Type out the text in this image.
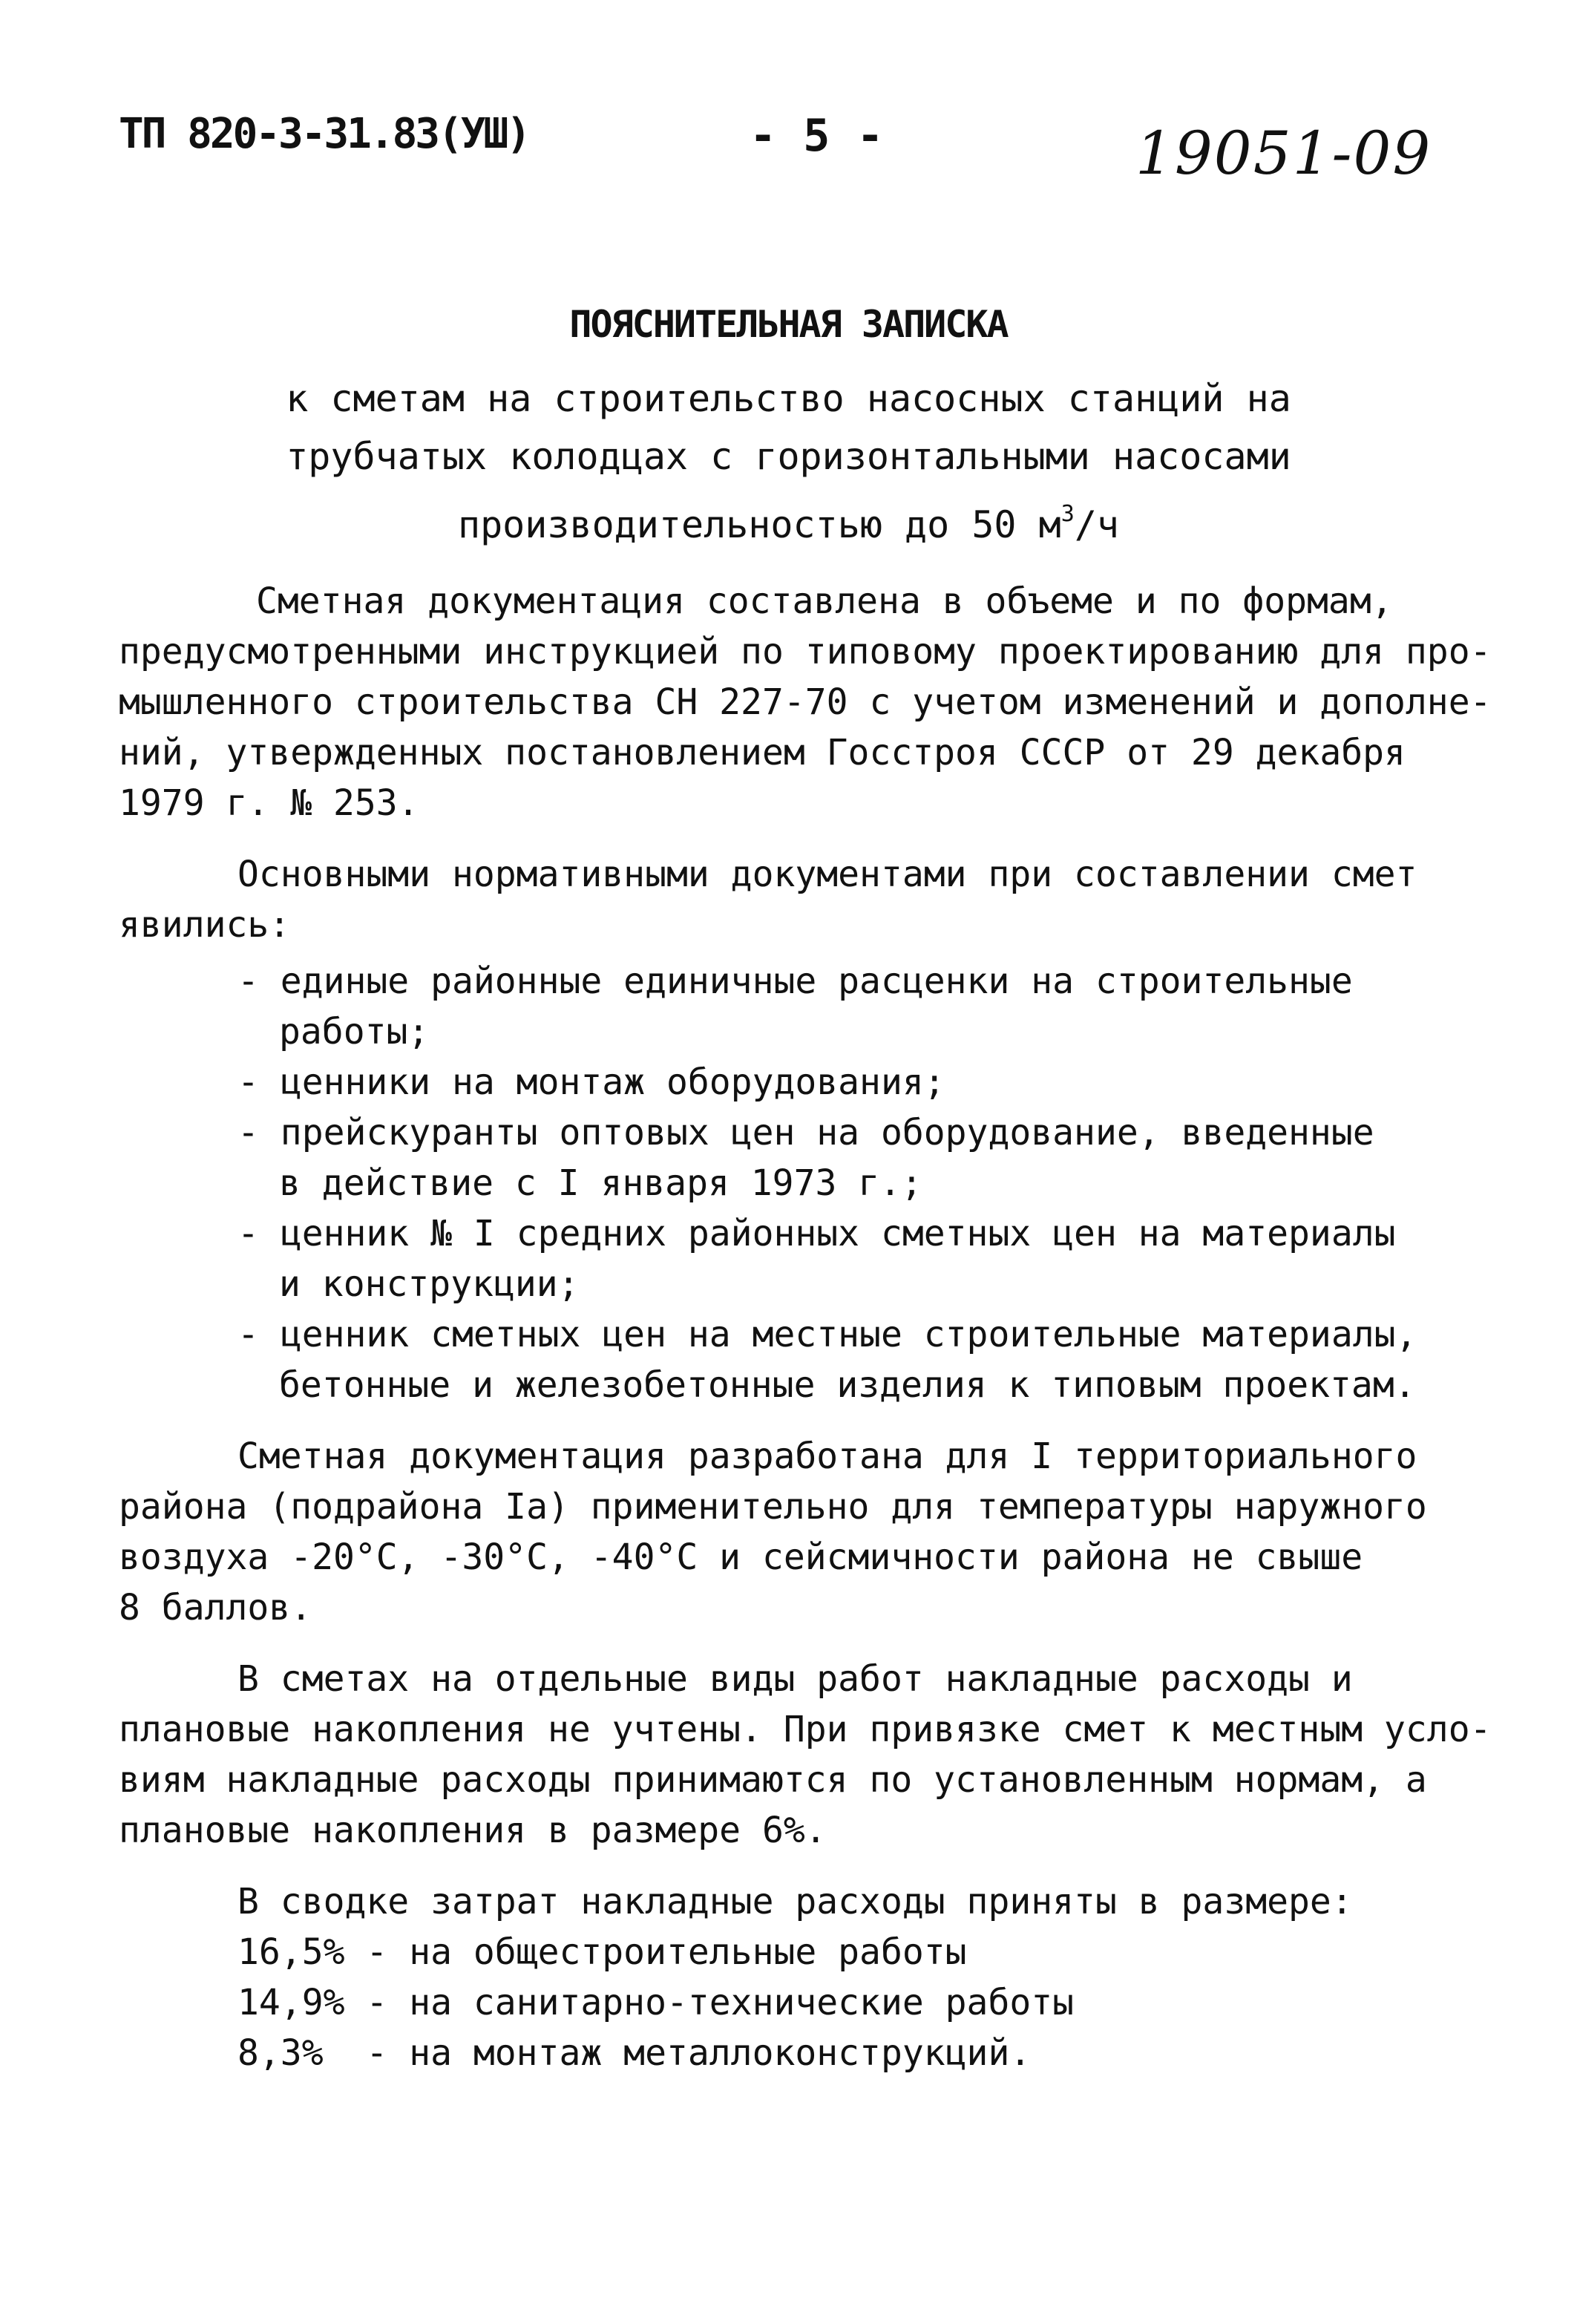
ТП 820-3-31.83(УШ)	- 5 -	19051-09
ПОЯСНИТЕЛЬНАЯ ЗАПИСКА
к сметам на строительство насосных станций на
трубчатых колодцах с горизонтальными насосами
производительностью до 50 $м^3/ч$
Сметная документация составлена в объеме и по формам,
предусмотренными инструкцией по типовому проектированию для про-
мышленного строительства СН 227-70 с учетом изменений и дополне-
ний, утвержденных постановлением Госстроя СССР от 29 декабря
1979 г. № 253.
Основными нормативными документами при составлении смет
явились:
- единые районные единичные расценки на строительные
работы;
- ценники на монтаж оборудования;
- прейскуранты оптовых цен на оборудование, введенные
в действие с I января 1973 г.;
- ценник № I средних районных сметных цен на материалы
и конструкции;
- ценник сметных цен на местные строительные материалы,
бетонные и железобетонные изделия к типовым проектам.
Сметная документация разработана для I территориального
района (подрайона Iа) применительно для температуры наружного
воздуха -20°С, -30°С, -40°С и сейсмичности района не свыше
8 баллов.
В сметах на отдельные виды работ накладные расходы и
плановые накопления не учтены. При привязке смет к местным усло-
виям накладные расходы принимаются по установленным нормам, а
плановые накопления в размере 6%.
В сводке затрат накладные расходы приняты в размере:
16,5% - на общестроительные работы
14,9% - на санитарно-технические работы
8,3%  - на монтаж металлоконструкций.
